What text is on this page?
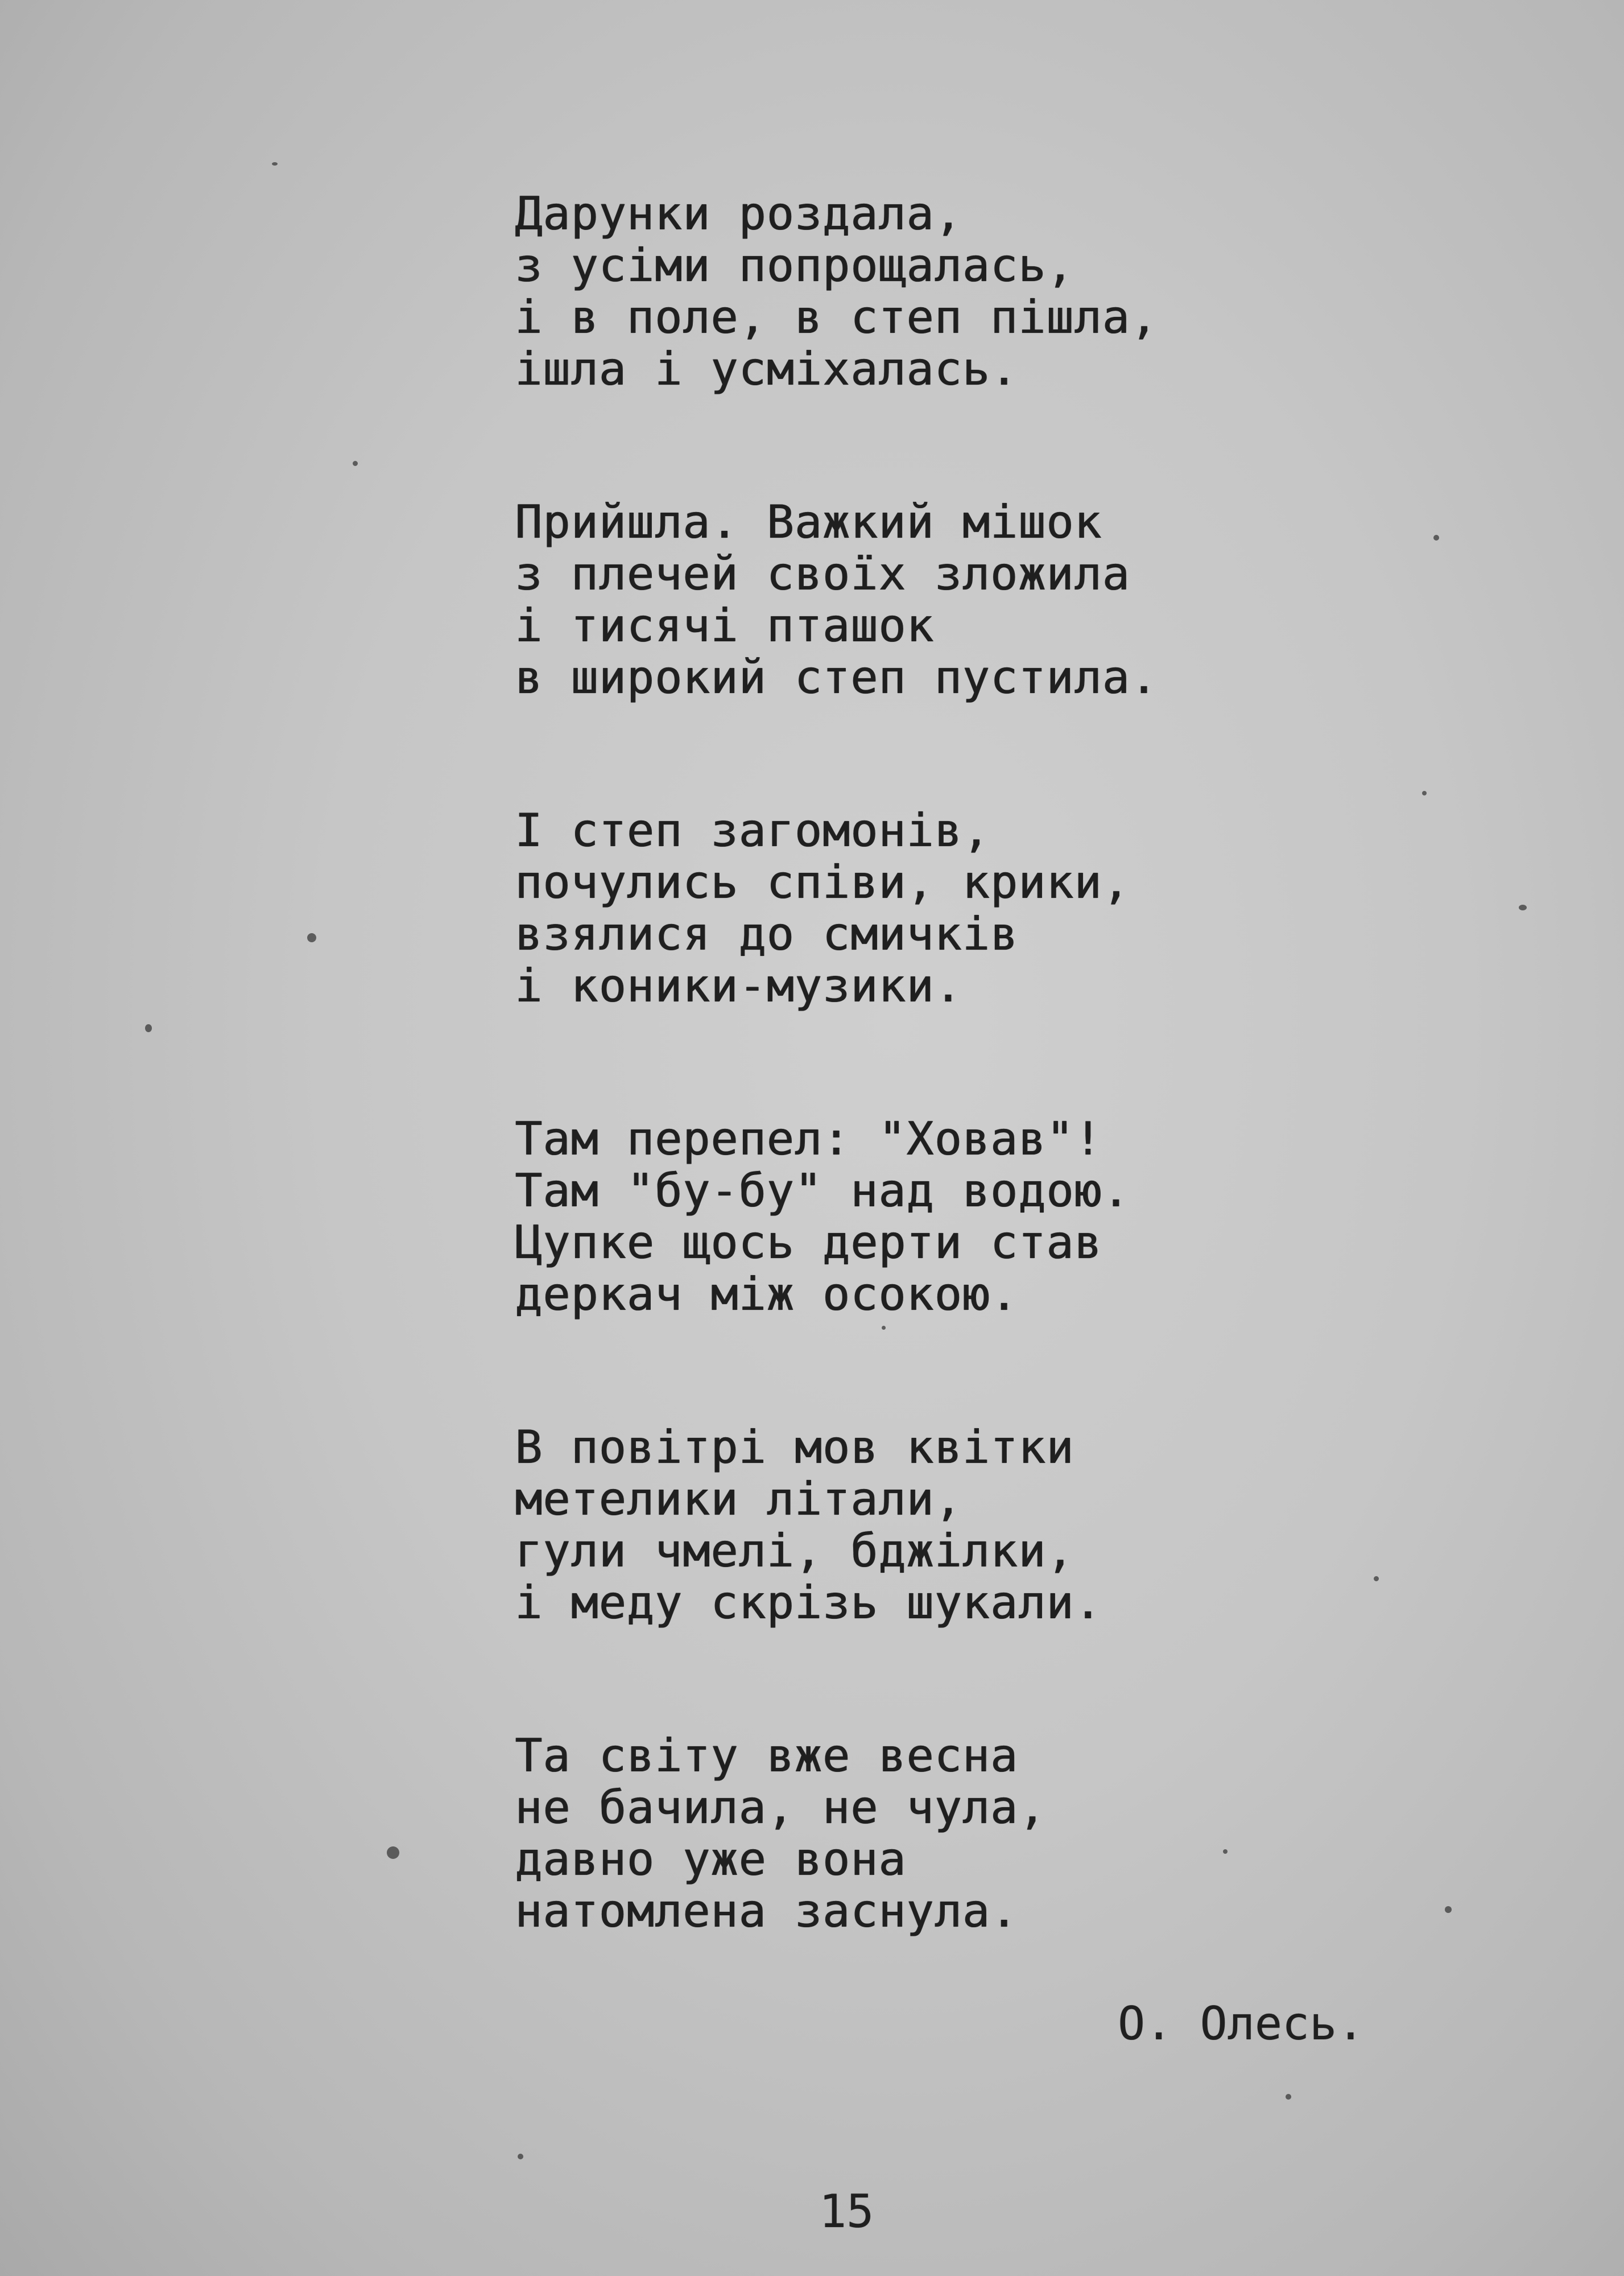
Дарунки роздала,
з усіми попрощалась,
і в поле, в степ пішла,
ішла і усміхалась.
Прийшла. Важкий мішок
з плечей своїх зложила
і тисячі пташок
в широкий степ пустила.
І степ загомонів,
почулись співи, крики,
взялися до смичків
і коники-музики.
Там перепел: "Ховав"!
Там "бу-бу" над водою.
Цупке щось дерти став
деркач між осокою.
В повітрі мов квітки
метелики літали,
гули чмелі, бджілки,
і меду скрізь шукали.
Та світу вже весна
не бачила, не чула,
давно уже вона
натомлена заснула.
О. Олесь.
15
